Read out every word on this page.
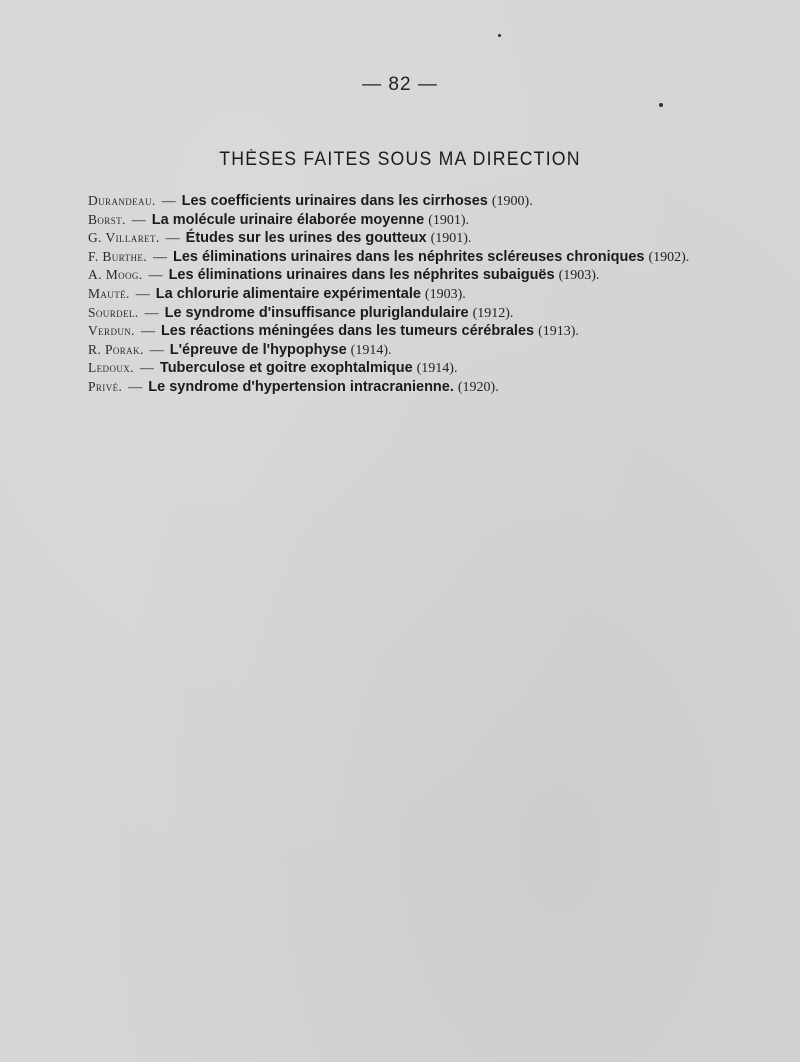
— 82 —
THÈSES FAITES SOUS MA DIRECTION
Durandeau. — Les coefficients urinaires dans les cirrhoses (1900).
Borst. — La molécule urinaire élaborée moyenne (1901).
G. Villaret. — Études sur les urines des goutteux (1901).
F. Burthe. — Les éliminations urinaires dans les néphrites scléreuses chroniques (1902).
A. Moog. — Les éliminations urinaires dans les néphrites subaiguës (1903).
Mauté. — La chlorurie alimentaire expérimentale (1903).
Sourdel. — Le syndrome d'insuffisance pluriglandulaire (1912).
Verdun. — Les réactions méningées dans les tumeurs cérébrales (1913).
R. Porak. — L'épreuve de l'hypophyse (1914).
Ledoux. — Tuberculose et goitre exophtalmique (1914).
Privé. — Le syndrome d'hypertension intracranienne. (1920).
